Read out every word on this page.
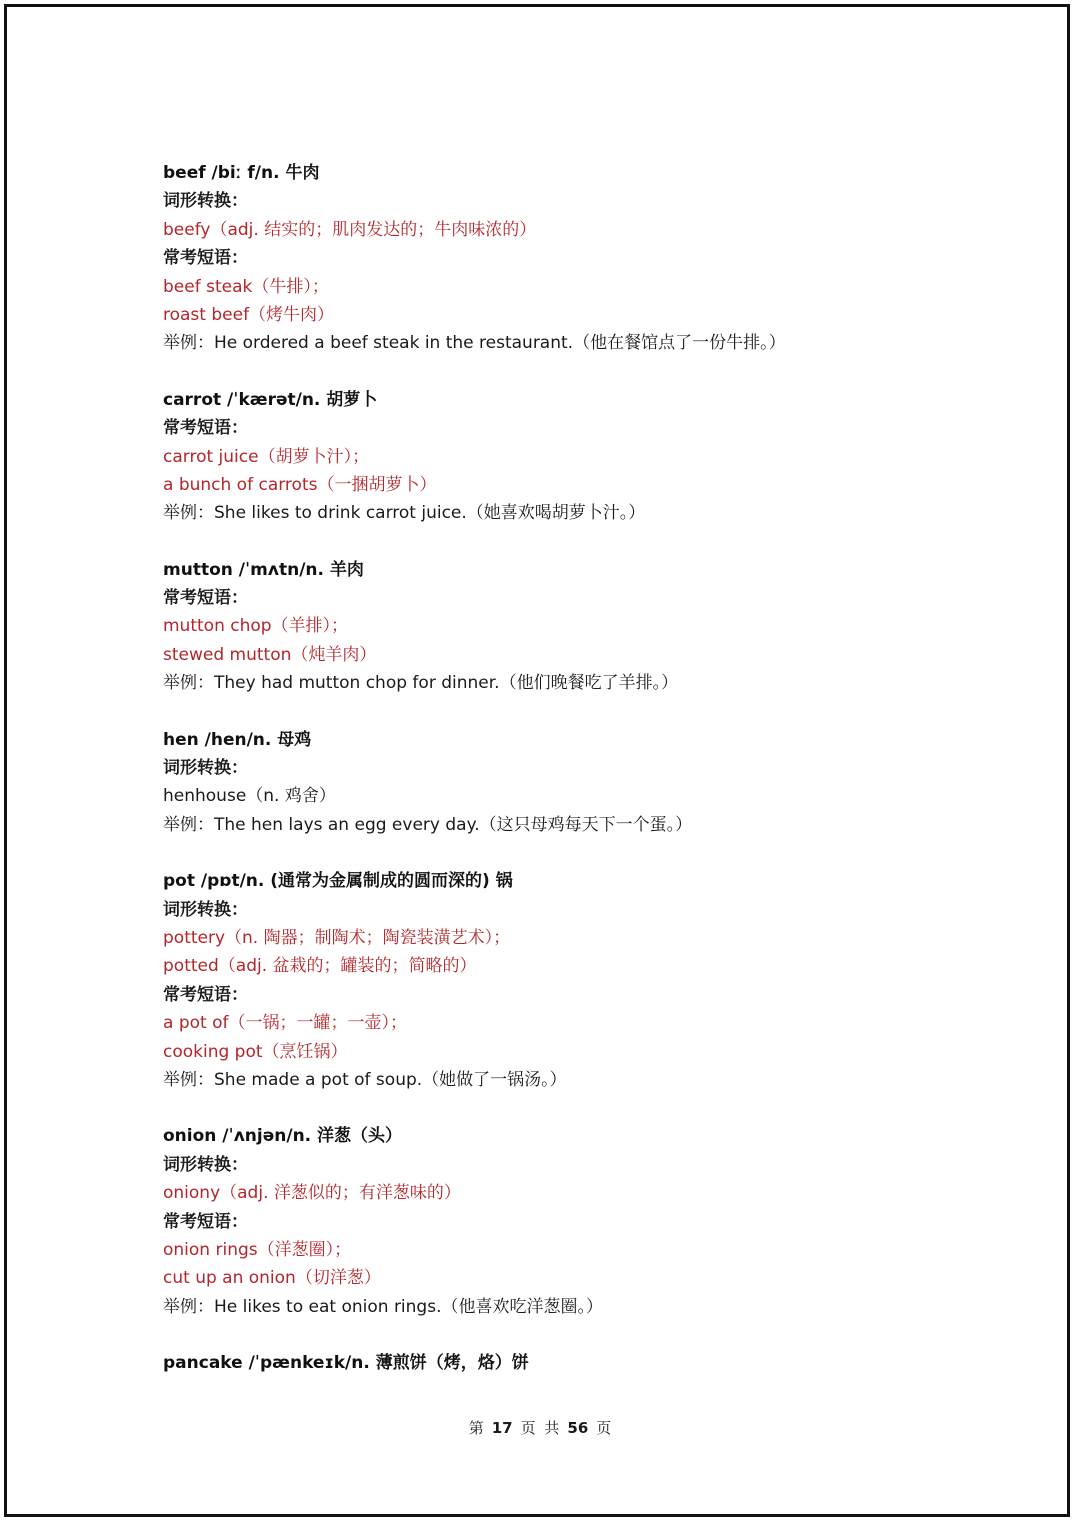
beef /biː f/n. 牛肉
词形转换：
beefy（adj. 结实的；肌肉发达的；牛肉味浓的）
常考短语：
beef steak（牛排）；
roast beef（烤牛肉）
举例：He ordered a beef steak in the restaurant.（他在餐馆点了一份牛排。）
carrot /ˈkærət/n. 胡萝卜
常考短语：
carrot juice（胡萝卜汁）；
a bunch of carrots（一捆胡萝卜）
举例：She likes to drink carrot juice.（她喜欢喝胡萝卜汁。）
mutton /ˈmʌtn/n. 羊肉
常考短语：
mutton chop（羊排）；
stewed mutton（炖羊肉）
举例：They had mutton chop for dinner.（他们晚餐吃了羊排。）
hen /hen/n. 母鸡
词形转换：
henhouse（n. 鸡舍）
举例：The hen lays an egg every day.（这只母鸡每天下一个蛋。）
pot /pɒt/n. (通常为金属制成的圆而深的) 锅
词形转换：
pottery（n. 陶器；制陶术；陶瓷装潢艺术）；
potted（adj. 盆栽的；罐装的；简略的）
常考短语：
a pot of（一锅；一罐；一壶）；
cooking pot（烹饪锅）
举例：She made a pot of soup.（她做了一锅汤。）
onion /ˈʌnjən/n. 洋葱（头）
词形转换：
oniony（adj. 洋葱似的；有洋葱味的）
常考短语：
onion rings（洋葱圈）；
cut up an onion（切洋葱）
举例：He likes to eat onion rings.（他喜欢吃洋葱圈。）
pancake /ˈpænkeɪk/n. 薄煎饼（烤，烙）饼
第 17 页 共 56 页
